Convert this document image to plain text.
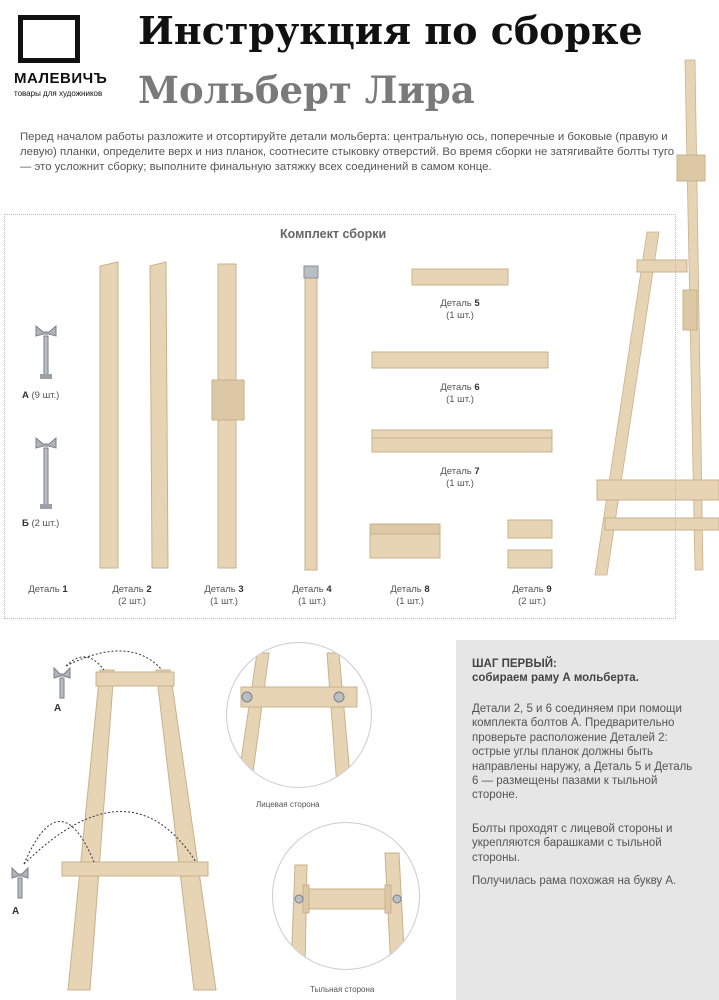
МАЛЕВИЧЪ
товары для художников
Инструкция по сборке
Мольберт Лира
Перед началом работы разложите и отсортируйте детали мольберта: центральную ось, поперечные и боковые (правую и левую) планки, определите верх и низ планок, соотнесите стыковку отверстий. Во время сборки не затягивайте болты туго — это усложнит сборку; выполните финальную затяжку всех соединений в самом конце.
Комплект сборки
А (9 шт.)
Б (2 шт.)
Деталь 1	Деталь 2
(2 шт.)
Деталь 3
(1 шт.)
Деталь 4
(1 шт.)
Деталь 5
(1 шт.)
Деталь 6
(1 шт.)
Деталь 7
(1 шт.)
Деталь 8
(1 шт.)
Деталь 9
(2 шт.)
А
А
Лицевая сторона
Тыльная сторона
ШАГ ПЕРВЫЙ:
собираем раму А мольберта.
Детали 2, 5 и 6 соединяем при помощи комплекта болтов А. Предварительно проверьте расположение Деталей 2: острые углы планок должны быть направлены наружу, а Деталь 5 и Деталь 6 — размещены пазами к тыльной стороне.
Болты проходят с лицевой стороны и укрепляются барашками с тыльной стороны.
Получилась рама похожая на букву А.
